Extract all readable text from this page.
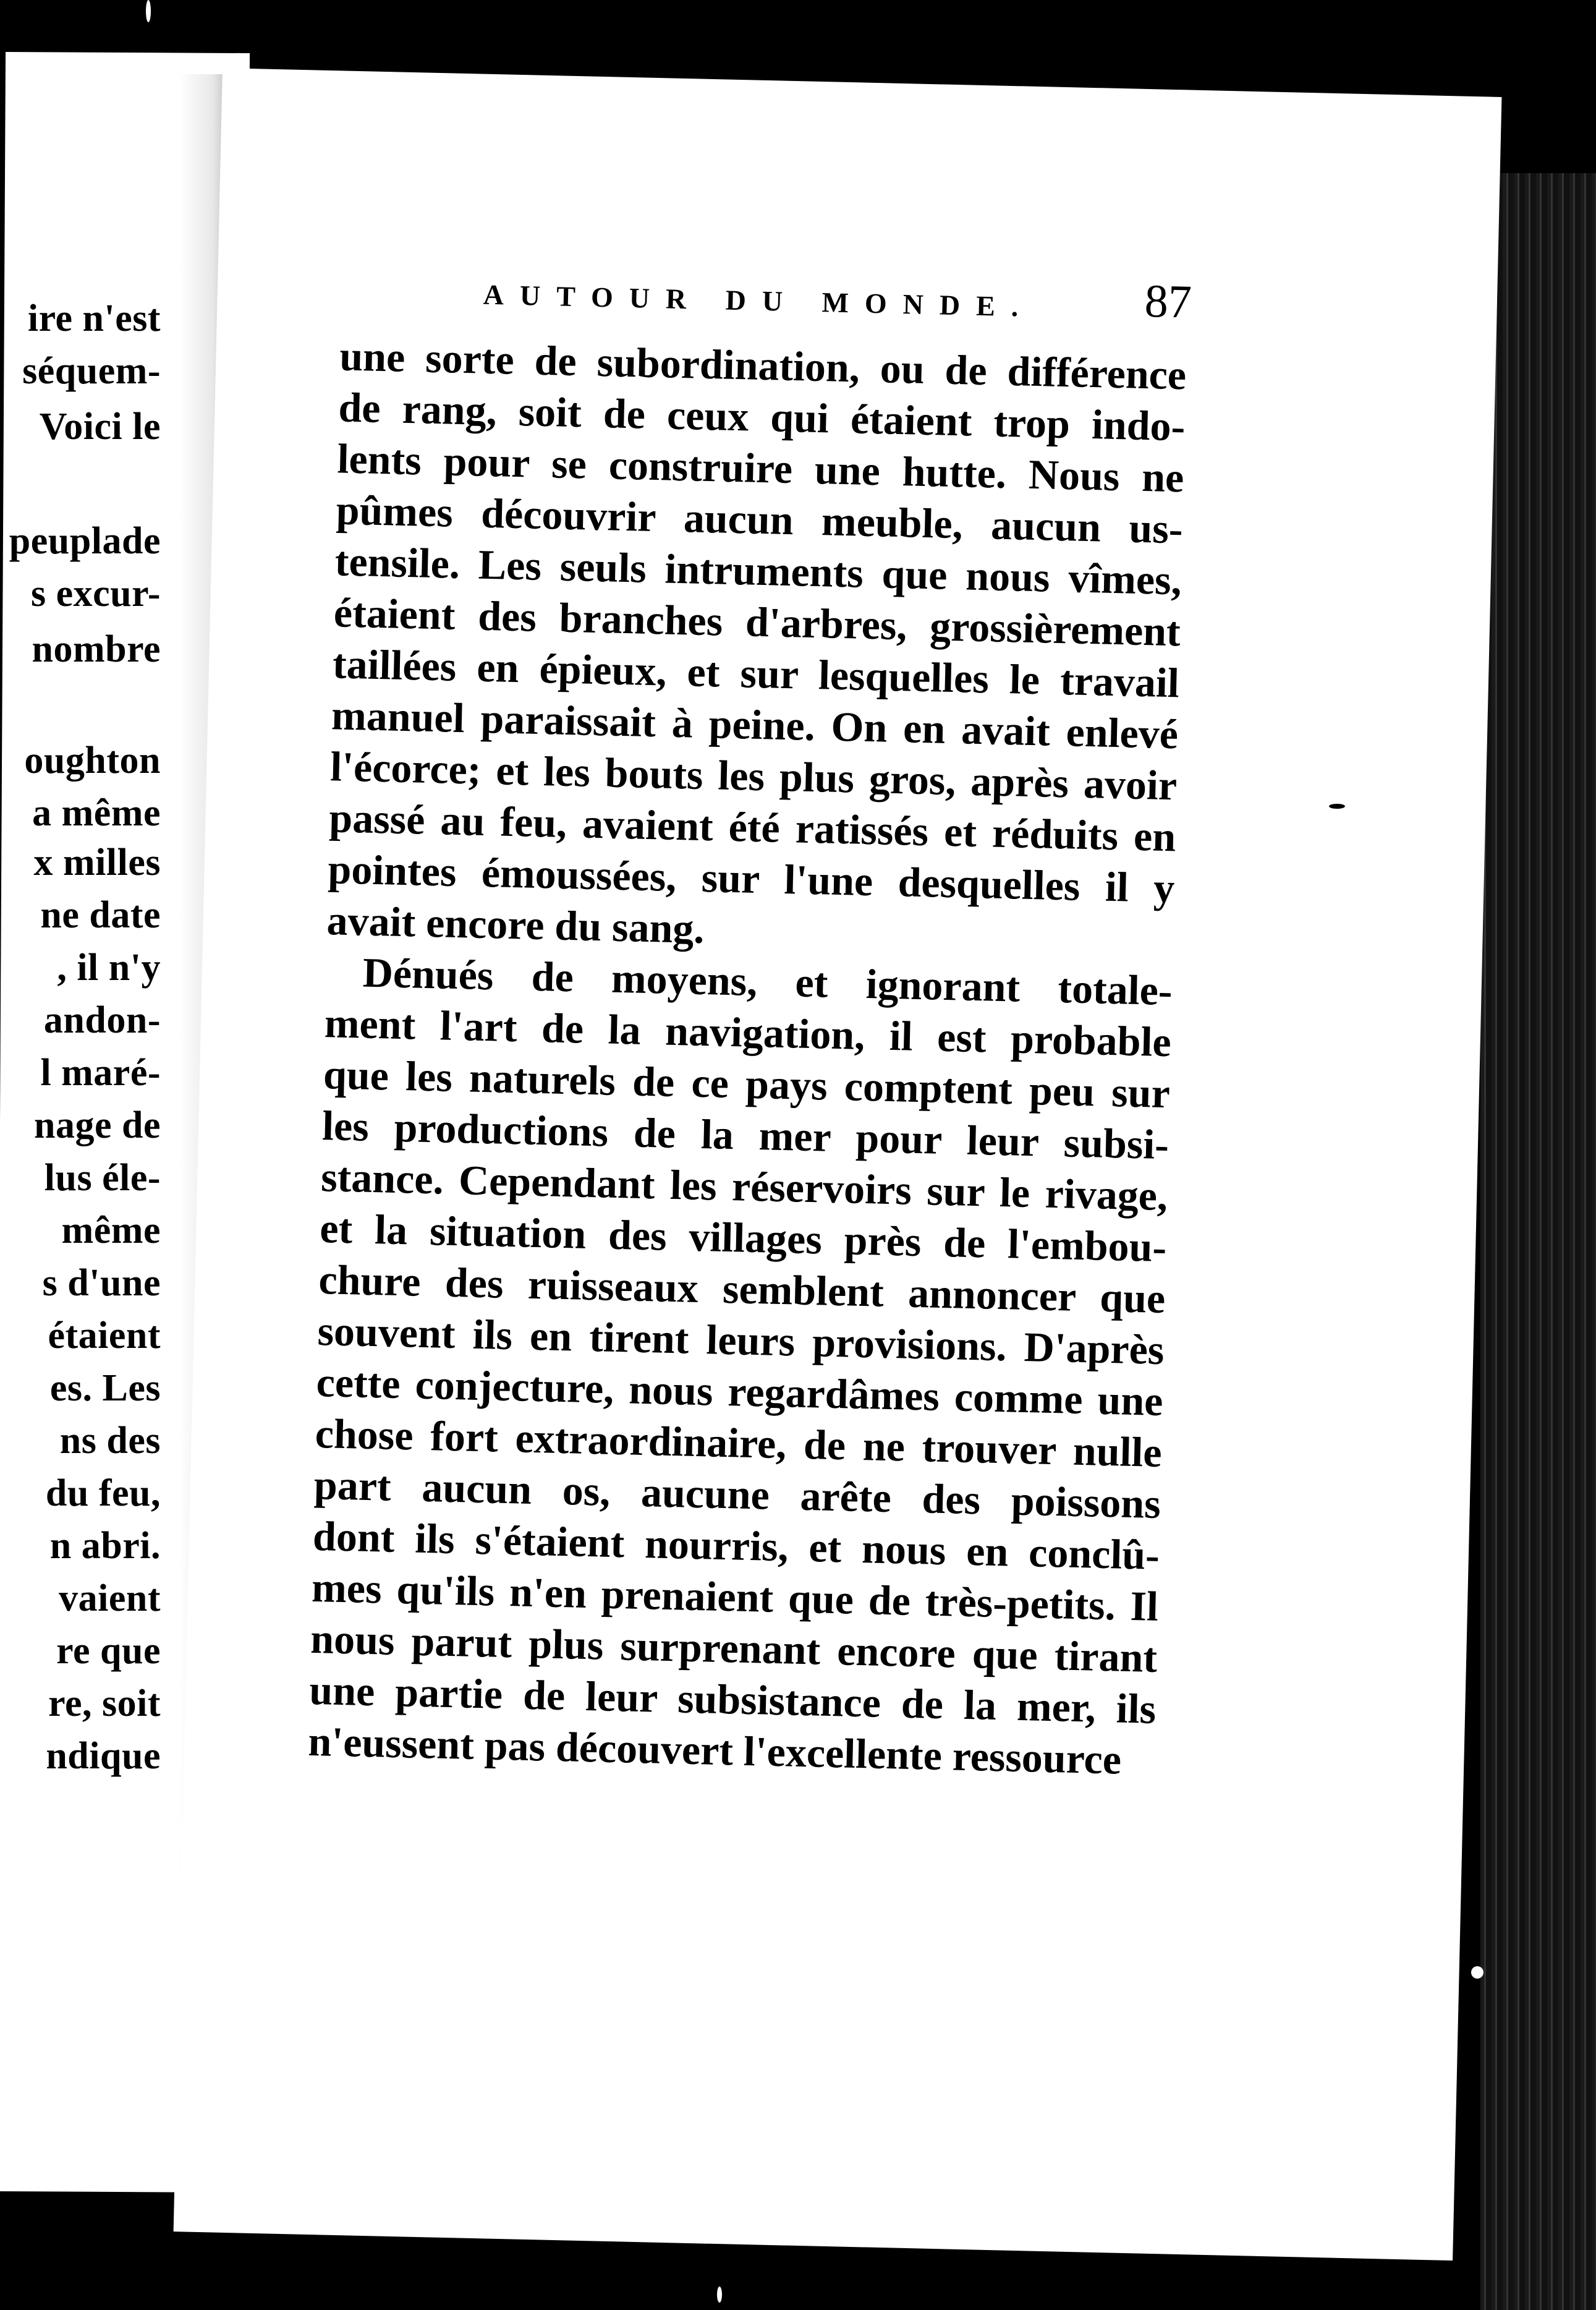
ire n'est
séquem-
Voici le
peuplade
s excur-
nombre
oughton
a même
x milles
ne date
, il n'y
andon-
l maré-
nage de
lus éle-
même
s d'une
étaient
es. Les
ns des
du feu,
n abri.
vaient
re que
re, soit
ndique
AUTOUR DU MONDE.	87
une sorte de subordination, ou de différence
de rang, soit de ceux qui étaient trop indo-
lents pour se construire une hutte. Nous ne
pûmes découvrir aucun meuble, aucun us-
tensile. Les seuls intruments que nous vîmes,
étaient des branches d'arbres, grossièrement
taillées en épieux, et sur lesquelles le travail
manuel paraissait à peine. On en avait enlevé
l'écorce; et les bouts les plus gros, après avoir
passé au feu, avaient été ratissés et réduits en
pointes émoussées, sur l'une desquelles il y
avait encore du sang.
Dénués de moyens, et ignorant totale-
ment l'art de la navigation, il est probable
que les naturels de ce pays comptent peu sur
les productions de la mer pour leur subsi-
stance. Cependant les réservoirs sur le rivage,
et la situation des villages près de l'embou-
chure des ruisseaux semblent annoncer que
souvent ils en tirent leurs provisions. D'après
cette conjecture, nous regardâmes comme une
chose fort extraordinaire, de ne trouver nulle
part aucun os, aucune arête des poissons
dont ils s'étaient nourris, et nous en conclû-
mes qu'ils n'en prenaient que de très-petits. Il
nous parut plus surprenant encore que tirant
une partie de leur subsistance de la mer, ils
n'eussent pas découvert l'excellente ressource
